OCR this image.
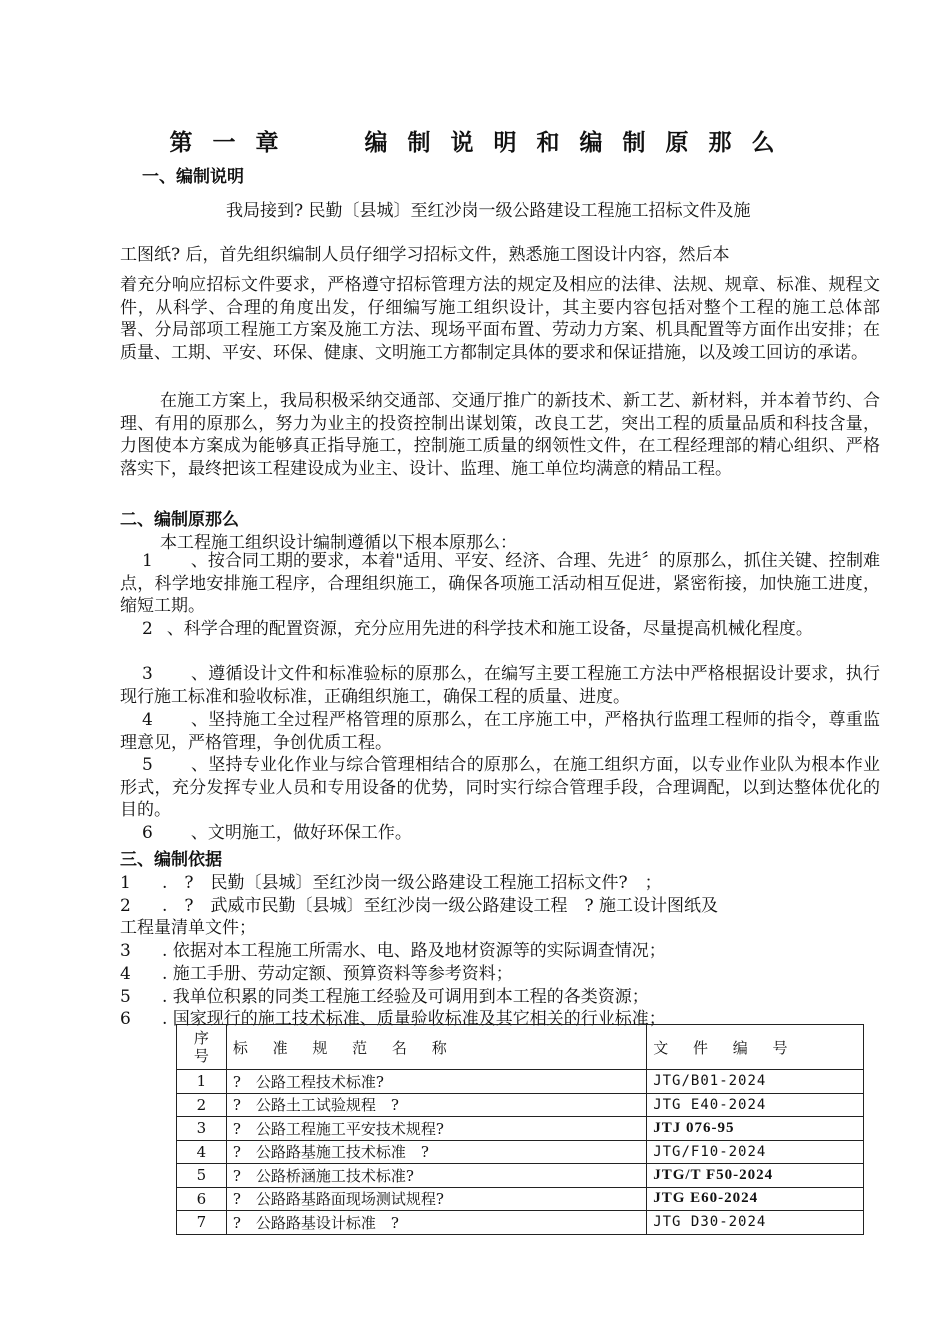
第 一 章	编 制 说 明 和 编 制 原 那 么
一、编制说明
我局接到? 民勤〔县城〕至红沙岗一级公路建设工程施工招标文件及施
工图纸? 后，首先组织编制人员仔细学习招标文件，熟悉施工图设计内容，然后本
着充分响应招标文件要求，严格遵守招标管理方法的规定及相应的法律、法规、规章、标准、规程文件，从科学、合理的角度出发，仔细编写施工组织设计，其主要内容包括对整个工程的施工总体部署、分局部项工程施工方案及施工方法、现场平面布置、劳动力方案、机具配置等方面作出安排；在质量、工期、平安、环保、健康、文明施工方都制定具体的要求和保证措施，以及竣工回访的承诺。
在施工方案上，我局积极采纳交通部、交通厅推广的新技术、新工艺、新材料，并本着节约、合理、有用的原那么，努力为业主的投资控制出谋划策，改良工艺，突出工程的质量品质和科技含量，力图使本方案成为能够真正指导施工，控制施工质量的纲领性文件，在工程经理部的精心组织、严格落实下，最终把该工程建设成为业主、设计、监理、施工单位均满意的精品工程。
二、编制原那么
本工程施工组织设计编制遵循以下根本原那么：
1 、按合同工期的要求，本着"适用、平安、经济、合理、先进〞的原那么，抓住关键、控制难点，科学地安排施工程序，合理组织施工，确保各项施工活动相互促进，紧密衔接，加快施工进度，缩短工期。
2 、科学合理的配置资源，充分应用先进的科学技术和施工设备，尽量提高机械化程度。
3 、遵循设计文件和标准验标的原那么，在编写主要工程施工方法中严格根据设计要求，执行现行施工标准和验收标准，正确组织施工，确保工程的质量、进度。
4 、坚持施工全过程严格管理的原那么，在工序施工中，严格执行监理工程师的指令，尊重监理意见，严格管理，争创优质工程。
5 、坚持专业化作业与综合管理相结合的原那么，在施工组织方面，以专业作业队为根本作业形式，充分发挥专业人员和专用设备的优势，同时实行综合管理手段，合理调配，以到达整体优化的目的。
6 、文明施工，做好环保工作。
三、编制依据
1 .　?　民勤〔县城〕至红沙岗一级公路建设工程施工招标文件?　；
2 .　?　武威市民勤〔县城〕至红沙岗一级公路建设工程　? 施工设计图纸及
工程量清单文件；
3 . 依据对本工程施工所需水、电、路及地材资源等的实际调查情况；
4 . 施工手册、劳动定额、预算资料等参考资料；
5 . 我单位积累的同类工程施工经验及可调用到本工程的各类资源；
6 . 国家现行的施工技术标准、质量验收标准及其它相关的行业标准；
序
号	标 准 规 范 名 称	文 件 编 号
1	?　公路工程技术标准?	JTG/B01-2024
2	?　公路土工试验规程　?	JTG E40-2024
3	?　公路工程施工平安技术规程?	JTJ 076-95
4	?　公路路基施工技术标准　?	JTG/F10-2024
5	?　公路桥涵施工技术标准?	JTG/T F50-2024
6	?　公路路基路面现场测试规程?	JTG E60-2024
7	?　公路路基设计标准　?	JTG D30-2024
